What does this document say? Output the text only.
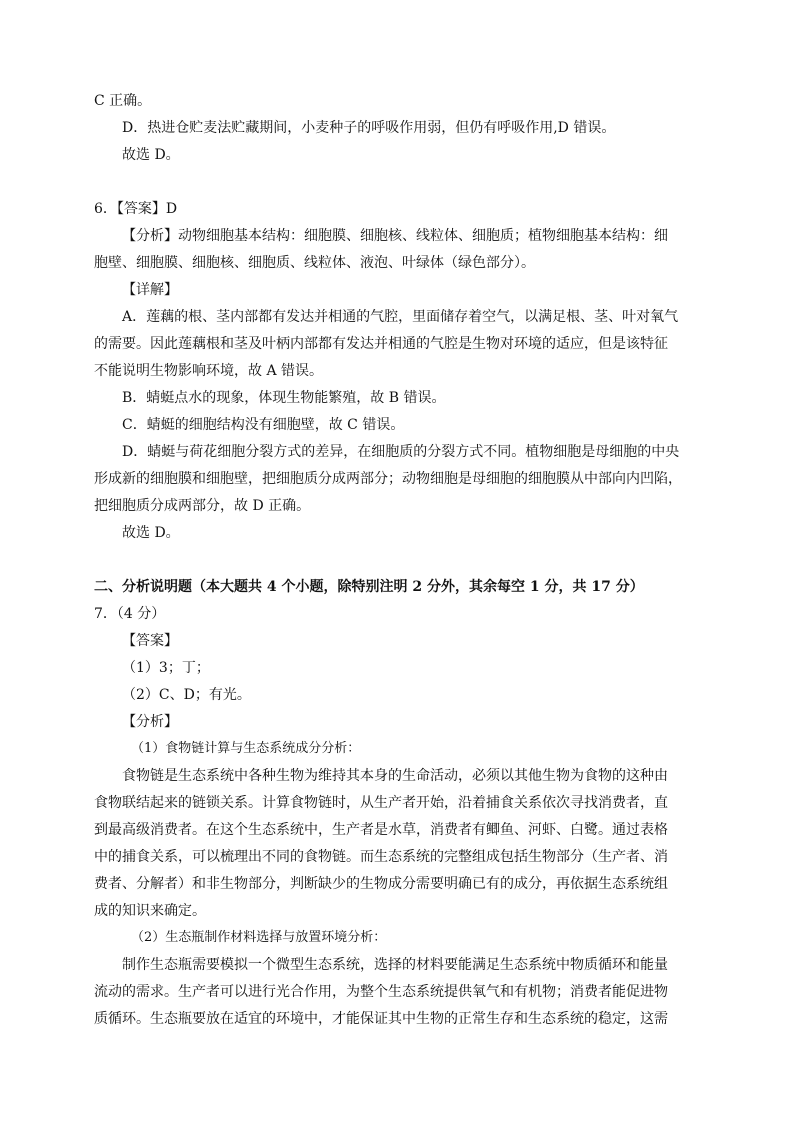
C 正确。
D．热进仓贮麦法贮藏期间，小麦种子的呼吸作用弱，但仍有呼吸作用,D 错误。
故选 D。
6．【答案】D
【分析】动物细胞基本结构：细胞膜、细胞核、线粒体、细胞质；植物细胞基本结构：细
胞壁、细胞膜、细胞核、细胞质、线粒体、液泡、叶绿体（绿色部分）。
【详解】
A．莲藕的根、茎内部都有发达并相通的气腔，里面储存着空气，以满足根、茎、叶对氧气
的需要。因此莲藕根和茎及叶柄内部都有发达并相通的气腔是生物对环境的适应，但是该特征
不能说明生物影响环境，故 A 错误。
B．蜻蜓点水的现象，体现生物能繁殖，故 B 错误。
C．蜻蜓的细胞结构没有细胞壁，故 C 错误。
D．蜻蜓与荷花细胞分裂方式的差异，在细胞质的分裂方式不同。植物细胞是母细胞的中央
形成新的细胞膜和细胞壁，把细胞质分成两部分；动物细胞是母细胞的细胞膜从中部向内凹陷，
把细胞质分成两部分，故 D 正确。
故选 D。
二、分析说明题（本大题共 4 个小题，除特别注明 2 分外，其余每空 1 分，共 17 分）
7．（4 分）
【答案】
（1）3；丁；
（2）C、D；有光。
【分析】
（1）食物链计算与生态系统成分分析：
食物链是生态系统中各种生物为维持其本身的生命活动，必须以其他生物为食物的这种由
食物联结起来的链锁关系。计算食物链时，从生产者开始，沿着捕食关系依次寻找消费者，直
到最高级消费者。在这个生态系统中，生产者是水草，消费者有鲫鱼、河虾、白鹭。通过表格
中的捕食关系，可以梳理出不同的食物链。而生态系统的完整组成包括生物部分（生产者、消
费者、分解者）和非生物部分，判断缺少的生物成分需要明确已有的成分，再依据生态系统组
成的知识来确定。
（2）生态瓶制作材料选择与放置环境分析：
制作生态瓶需要模拟一个微型生态系统，选择的材料要能满足生态系统中物质循环和能量
流动的需求。生产者可以进行光合作用，为整个生态系统提供氧气和有机物；消费者能促进物
质循环。生态瓶要放在适宜的环境中，才能保证其中生物的正常生存和生态系统的稳定，这需
